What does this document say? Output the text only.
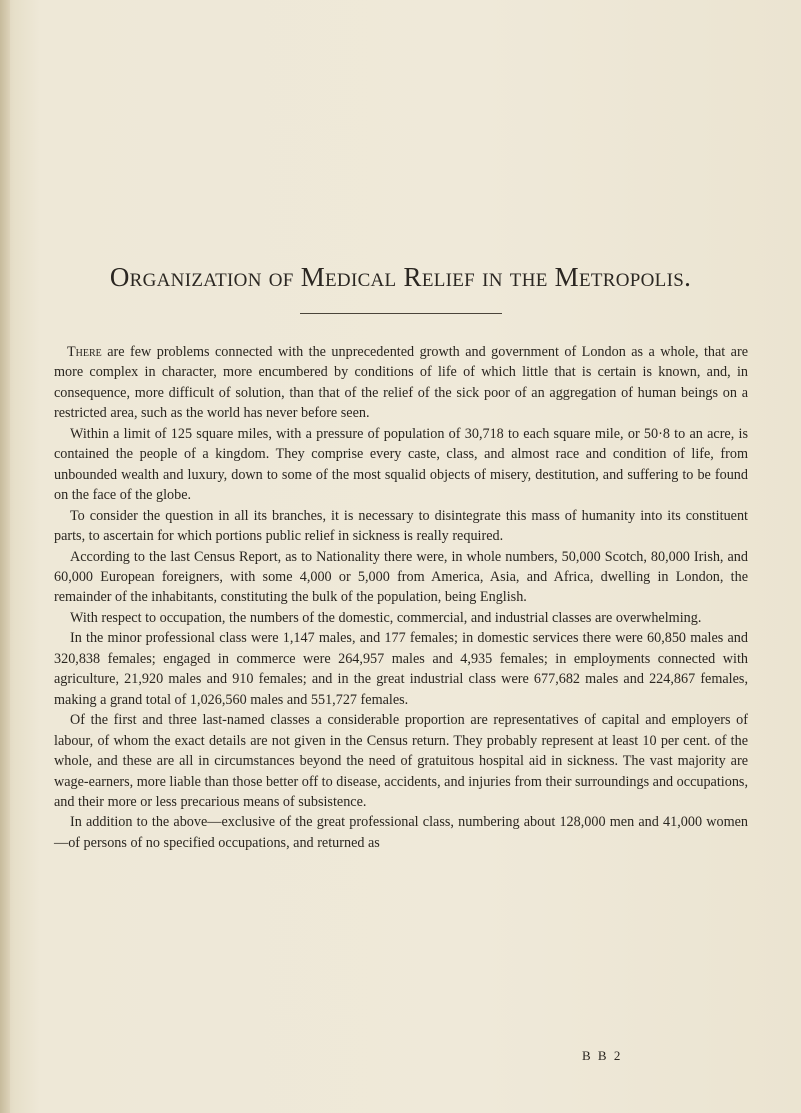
Organization of Medical Relief in the Metropolis.

There are few problems connected with the unprecedented growth and government of London as a whole, that are more complex in character, more encumbered by conditions of life of which little that is certain is known, and, in consequence, more difficult of solution, than that of the relief of the sick poor of an aggregation of human beings on a restricted area, such as the world has never before seen.

Within a limit of 125 square miles, with a pressure of population of 30,718 to each square mile, or 50·8 to an acre, is contained the people of a kingdom. They comprise every caste, class, and almost race and condition of life, from unbounded wealth and luxury, down to some of the most squalid objects of misery, destitution, and suffering to be found on the face of the globe.

To consider the question in all its branches, it is necessary to disintegrate this mass of humanity into its constituent parts, to ascertain for which portions public relief in sickness is really required.

According to the last Census Report, as to Nationality there were, in whole numbers, 50,000 Scotch, 80,000 Irish, and 60,000 European foreigners, with some 4,000 or 5,000 from America, Asia, and Africa, dwelling in London, the remainder of the inhabitants, constituting the bulk of the population, being English.

With respect to occupation, the numbers of the domestic, commercial, and industrial classes are overwhelming.

In the minor professional class were 1,147 males, and 177 females; in domestic services there were 60,850 males and 320,838 females; engaged in commerce were 264,957 males and 4,935 females; in employments connected with agriculture, 21,920 males and 910 females; and in the great industrial class were 677,682 males and 224,867 females, making a grand total of 1,026,560 males and 551,727 females.

Of the first and three last-named classes a considerable proportion are representatives of capital and employers of labour, of whom the exact details are not given in the Census return. They probably represent at least 10 per cent. of the whole, and these are all in circumstances beyond the need of gratuitous hospital aid in sickness. The vast majority are wage-earners, more liable than those better off to disease, accidents, and injuries from their surroundings and occupations, and their more or less precarious means of subsistence.

In addition to the above—exclusive of the great professional class, numbering about 128,000 men and 41,000 women—of persons of no specified occupations, and returned as

B B 2
